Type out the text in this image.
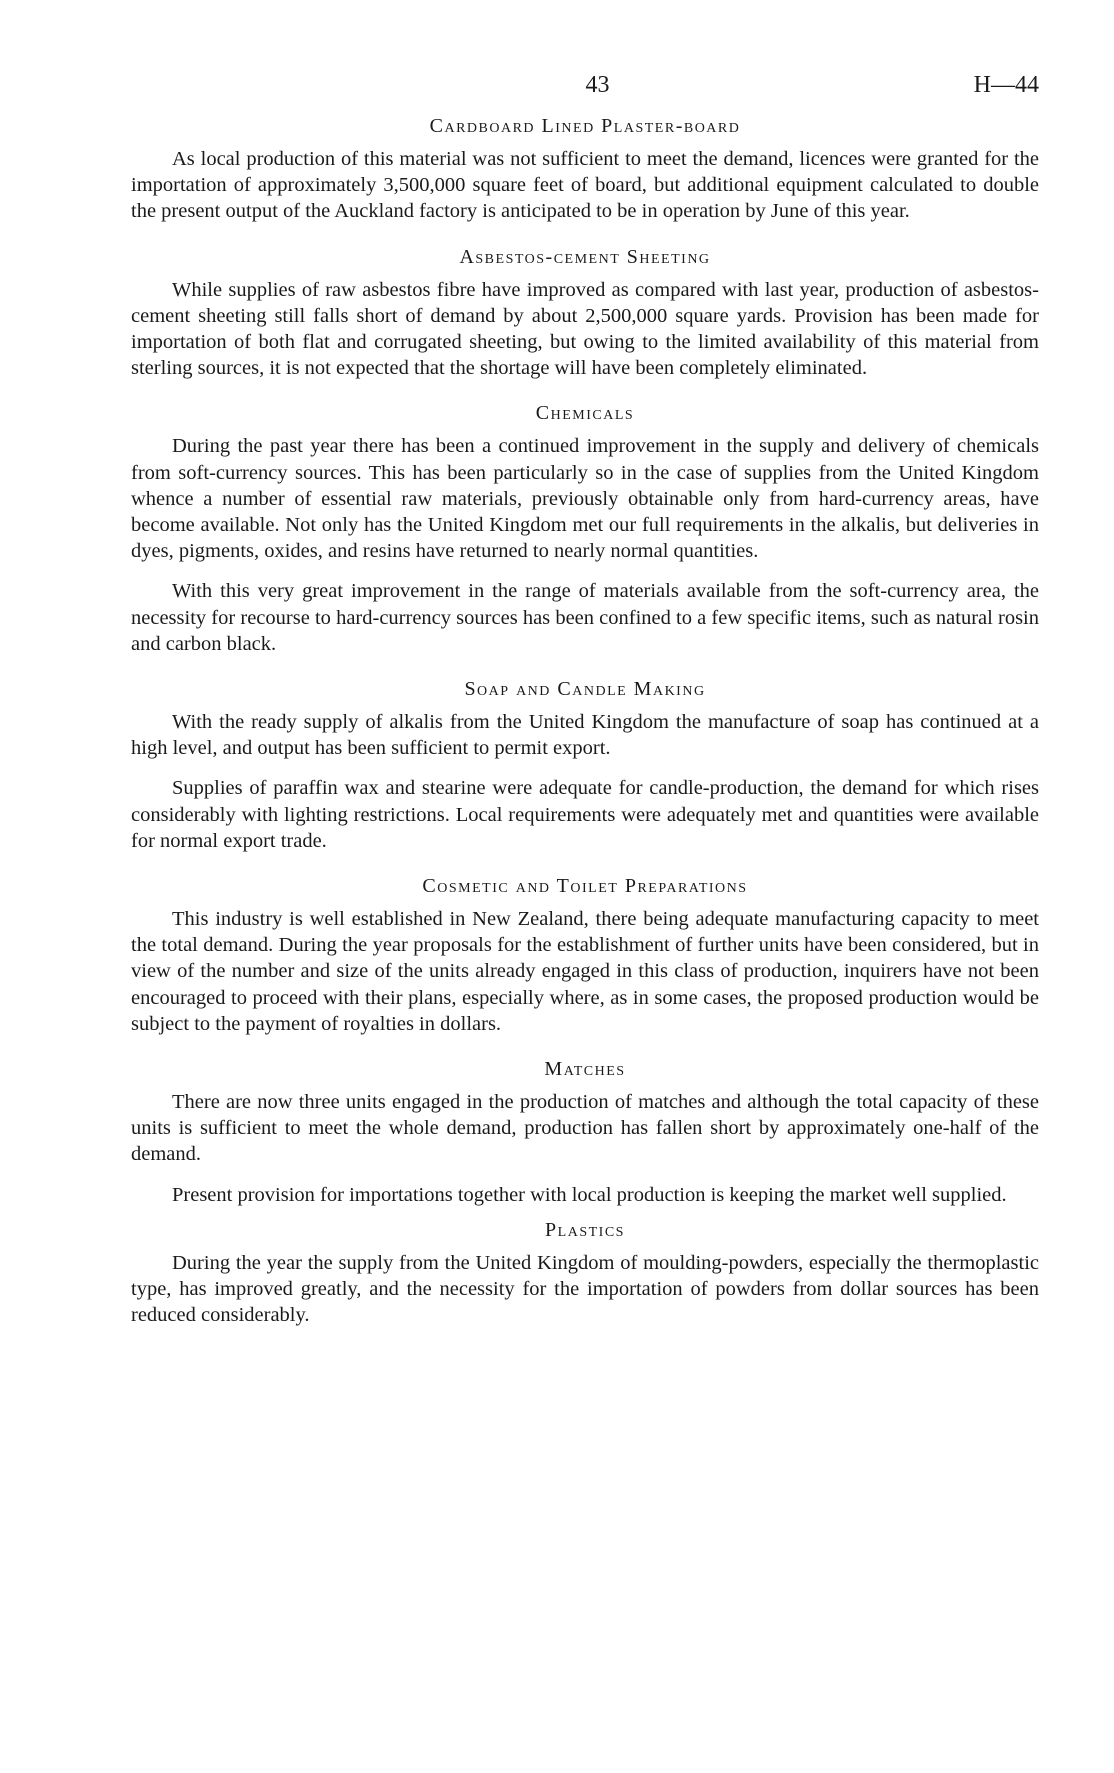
43	H—44
Cardboard Lined Plaster-board

As local production of this material was not sufficient to meet the demand, licences were granted for the importation of approximately 3,500,000 square feet of board, but additional equipment calculated to double the present output of the Auckland factory is anticipated to be in operation by June of this year.

Asbestos-cement Sheeting

While supplies of raw asbestos fibre have improved as compared with last year, production of asbestos-cement sheeting still falls short of demand by about 2,500,000 square yards. Provision has been made for importation of both flat and corrugated sheeting, but owing to the limited availability of this material from sterling sources, it is not expected that the shortage will have been completely eliminated.

Chemicals

During the past year there has been a continued improvement in the supply and delivery of chemicals from soft-currency sources. This has been particularly so in the case of supplies from the United Kingdom whence a number of essential raw materials, previously obtainable only from hard-currency areas, have become available. Not only has the United Kingdom met our full requirements in the alkalis, but deliveries in dyes, pigments, oxides, and resins have returned to nearly normal quantities.

With this very great improvement in the range of materials available from the soft-currency area, the necessity for recourse to hard-currency sources has been confined to a few specific items, such as natural rosin and carbon black.

Soap and Candle Making

With the ready supply of alkalis from the United Kingdom the manufacture of soap has continued at a high level, and output has been sufficient to permit export.

Supplies of paraffin wax and stearine were adequate for candle-production, the demand for which rises considerably with lighting restrictions. Local requirements were adequately met and quantities were available for normal export trade.

Cosmetic and Toilet Preparations

This industry is well established in New Zealand, there being adequate manufacturing capacity to meet the total demand. During the year proposals for the establishment of further units have been considered, but in view of the number and size of the units already engaged in this class of production, inquirers have not been encouraged to proceed with their plans, especially where, as in some cases, the proposed production would be subject to the payment of royalties in dollars.

Matches

There are now three units engaged in the production of matches and although the total capacity of these units is sufficient to meet the whole demand, production has fallen short by approximately one-half of the demand.

Present provision for importations together with local production is keeping the market well supplied.

Plastics

During the year the supply from the United Kingdom of moulding-powders, especially the thermoplastic type, has improved greatly, and the necessity for the importation of powders from dollar sources has been reduced considerably.
